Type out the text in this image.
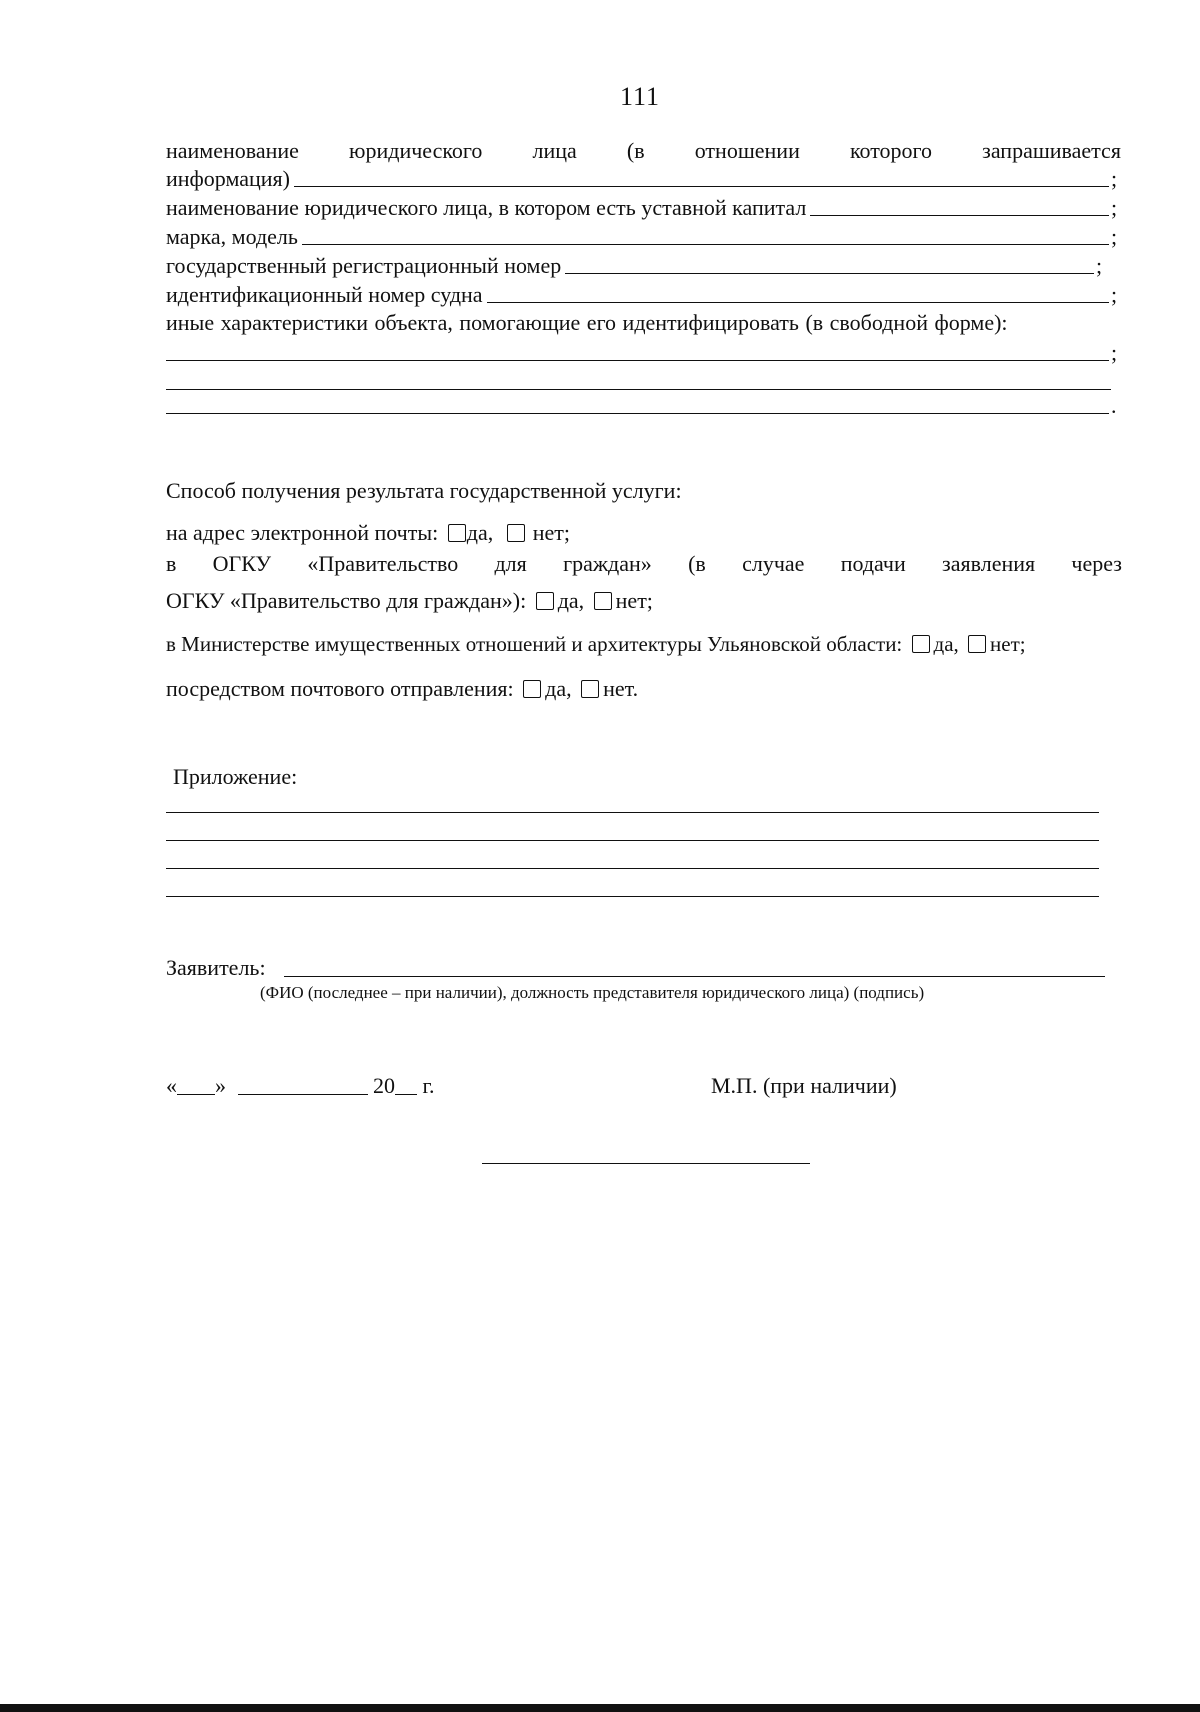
111
наименование юридического лица (в отношении которого запрашивается
информация)	;
наименование юридического лица, в котором есть уставной капитал	;
марка, модель	;
государственный регистрационный номер	;
идентификационный номер судна	;
иные характеристики объекта, помогающие его идентифицировать (в свободной форме):
;
.
Способ получения результата государственной услуги:
на адрес электронной почты: да, нет;
в ОГКУ «Правительство для граждан» (в случае подачи заявления через
ОГКУ «Правительство для граждан»): да, нет;
в Министерстве имущественных отношений и архитектуры Ульяновской области: да, нет;
посредством почтового отправления: да, нет.
Приложение:
Заявитель:
(ФИО (последнее – при наличии), должность представителя юридического лица) (подпись)
« »	20 г.	М.П. (при наличии)
